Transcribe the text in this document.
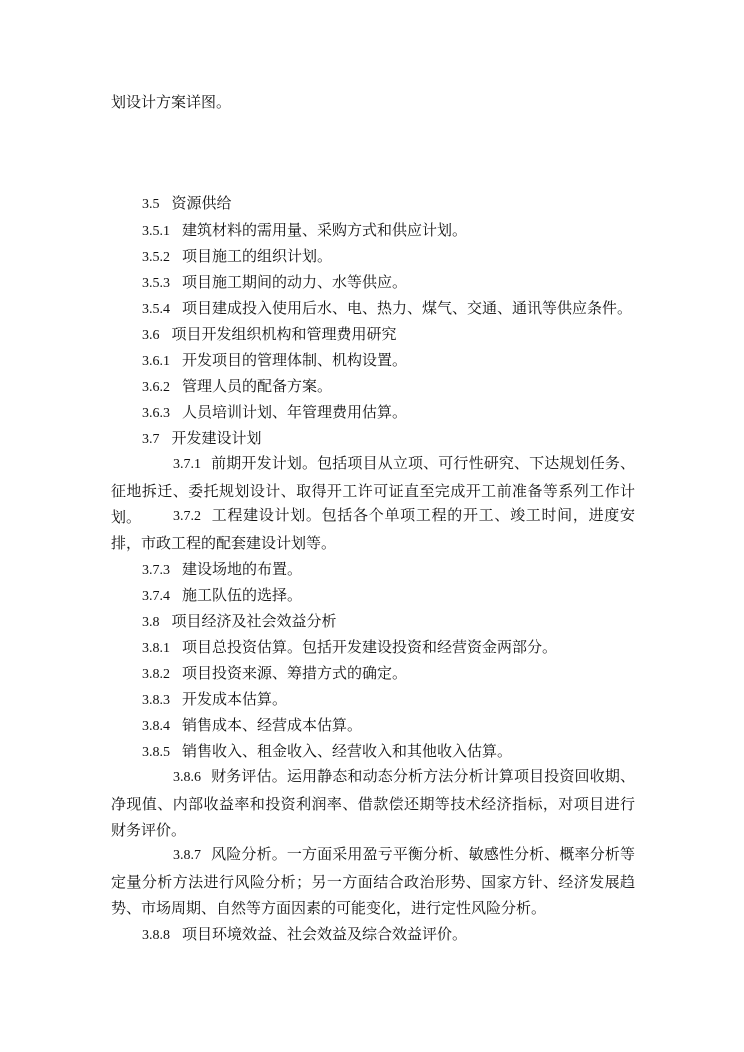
划设计方案详图。
3.5 资源供给
3.5.1 建筑材料的需用量、采购方式和供应计划。
3.5.2 项目施工的组织计划。
3.5.3 项目施工期间的动力、水等供应。
3.5.4 项目建成投入使用后水、电、热力、煤气、交通、通讯等供应条件。
3.6 项目开发组织机构和管理费用研究
3.6.1 开发项目的管理体制、机构设置。
3.6.2 管理人员的配备方案。
3.6.3 人员培训计划、年管理费用估算。
3.7 开发建设计划
3.7.1 前期开发计划。包括项目从立项、可行性研究、下达规划任务、征地拆迁、委托规划设计、取得开工许可证直至完成开工前准备等系列工作计划。	3.7.2 工程建设计划。包括各个单项工程的开工、竣工时间，进度安排，市政工程的配套建设计划等。
3.7.3 建设场地的布置。
3.7.4 施工队伍的选择。
3.8 项目经济及社会效益分析
3.8.1 项目总投资估算。包括开发建设投资和经营资金两部分。
3.8.2 项目投资来源、筹措方式的确定。
3.8.3 开发成本估算。
3.8.4 销售成本、经营成本估算。
3.8.5 销售收入、租金收入、经营收入和其他收入估算。
3.8.6 财务评估。运用静态和动态分析方法分析计算项目投资回收期、净现值、内部收益率和投资利润率、借款偿还期等技术经济指标，对项目进行财务评价。
3.8.7 风险分析。一方面采用盈亏平衡分析、敏感性分析、概率分析等定量分析方法进行风险分析；另一方面结合政治形势、国家方针、经济发展趋势、市场周期、自然等方面因素的可能变化，进行定性风险分析。
3.8.8 项目环境效益、社会效益及综合效益评价。
